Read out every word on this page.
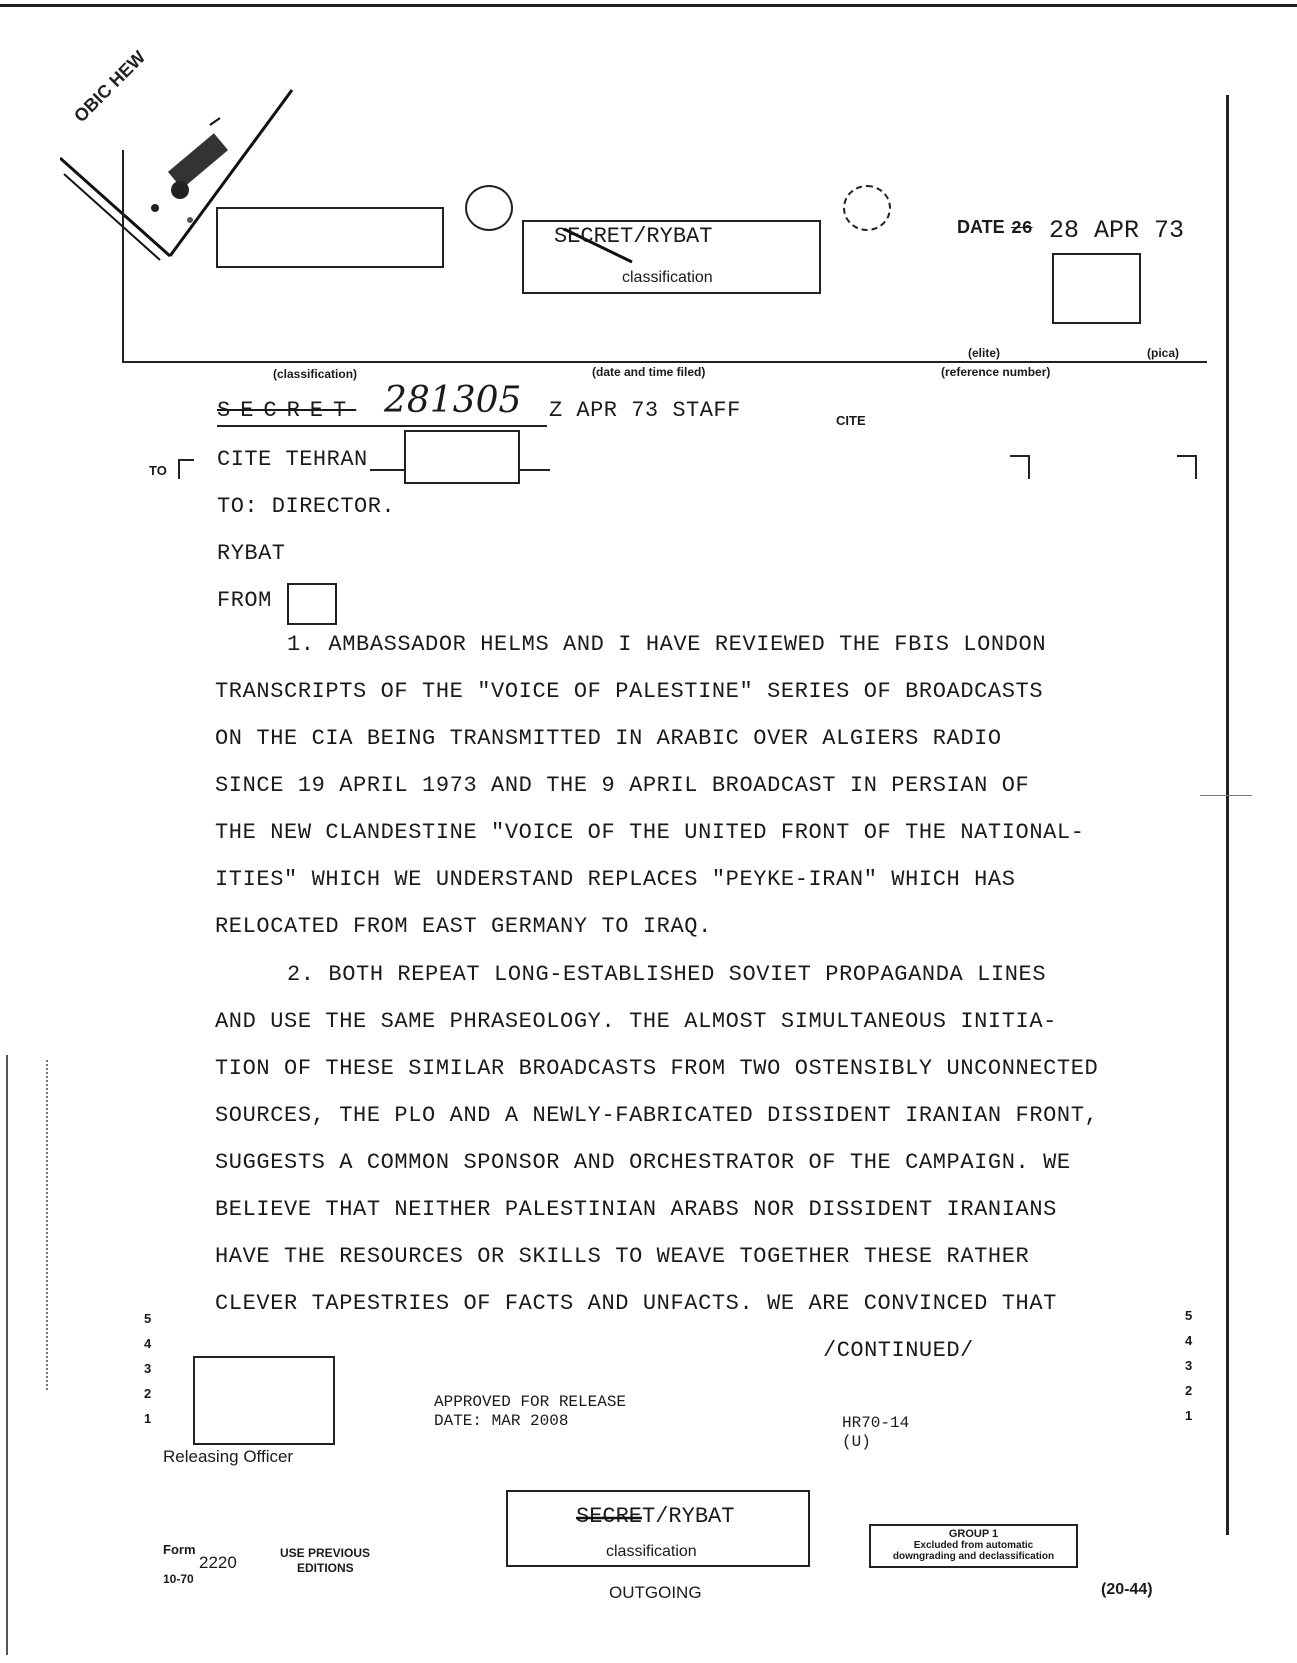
OBIC HEW
SECRET/RYBAT
classification
DATE 26 28 APR 73
(elite)	(pica)
(classification)	(date and time filed)	(reference number)
SECRET 281305 Z APR 73 STAFF	CITE
TO CITE TEHRAN
TO: DIRECTOR.
RYBAT
FROM
1. AMBASSADOR HELMS AND I HAVE REVIEWED THE FBIS LONDON
TRANSCRIPTS OF THE "VOICE OF PALESTINE" SERIES OF BROADCASTS
ON THE CIA BEING TRANSMITTED IN ARABIC OVER ALGIERS RADIO
SINCE 19 APRIL 1973 AND THE 9 APRIL BROADCAST IN PERSIAN OF
THE NEW CLANDESTINE "VOICE OF THE UNITED FRONT OF THE NATIONAL-
ITIES" WHICH WE UNDERSTAND REPLACES "PEYKE-IRAN" WHICH HAS
RELOCATED FROM EAST GERMANY TO IRAQ.
2. BOTH REPEAT LONG-ESTABLISHED SOVIET PROPAGANDA LINES
AND USE THE SAME PHRASEOLOGY. THE ALMOST SIMULTANEOUS INITIA-
TION OF THESE SIMILAR BROADCASTS FROM TWO OSTENSIBLY UNCONNECTED
SOURCES, THE PLO AND A NEWLY-FABRICATED DISSIDENT IRANIAN FRONT,
SUGGESTS A COMMON SPONSOR AND ORCHESTRATOR OF THE CAMPAIGN. WE
BELIEVE THAT NEITHER PALESTINIAN ARABS NOR DISSIDENT IRANIANS
HAVE THE RESOURCES OR SKILLS TO WEAVE TOGETHER THESE RATHER
CLEVER TAPESTRIES OF FACTS AND UNFACTS. WE ARE CONVINCED THAT
/CONTINUED/
5
4
3
2
1
5
4
3
2
1
Releasing Officer
APPROVED FOR RELEASE
DATE: MAR 2008	HR70-14
(U)
SECRET/RYBAT
classification
Form
2220
10-70
USE PREVIOUS
EDITIONS
GROUP 1
Excluded from automatic
downgrading and declassification
OUTGOING	(20-44)
